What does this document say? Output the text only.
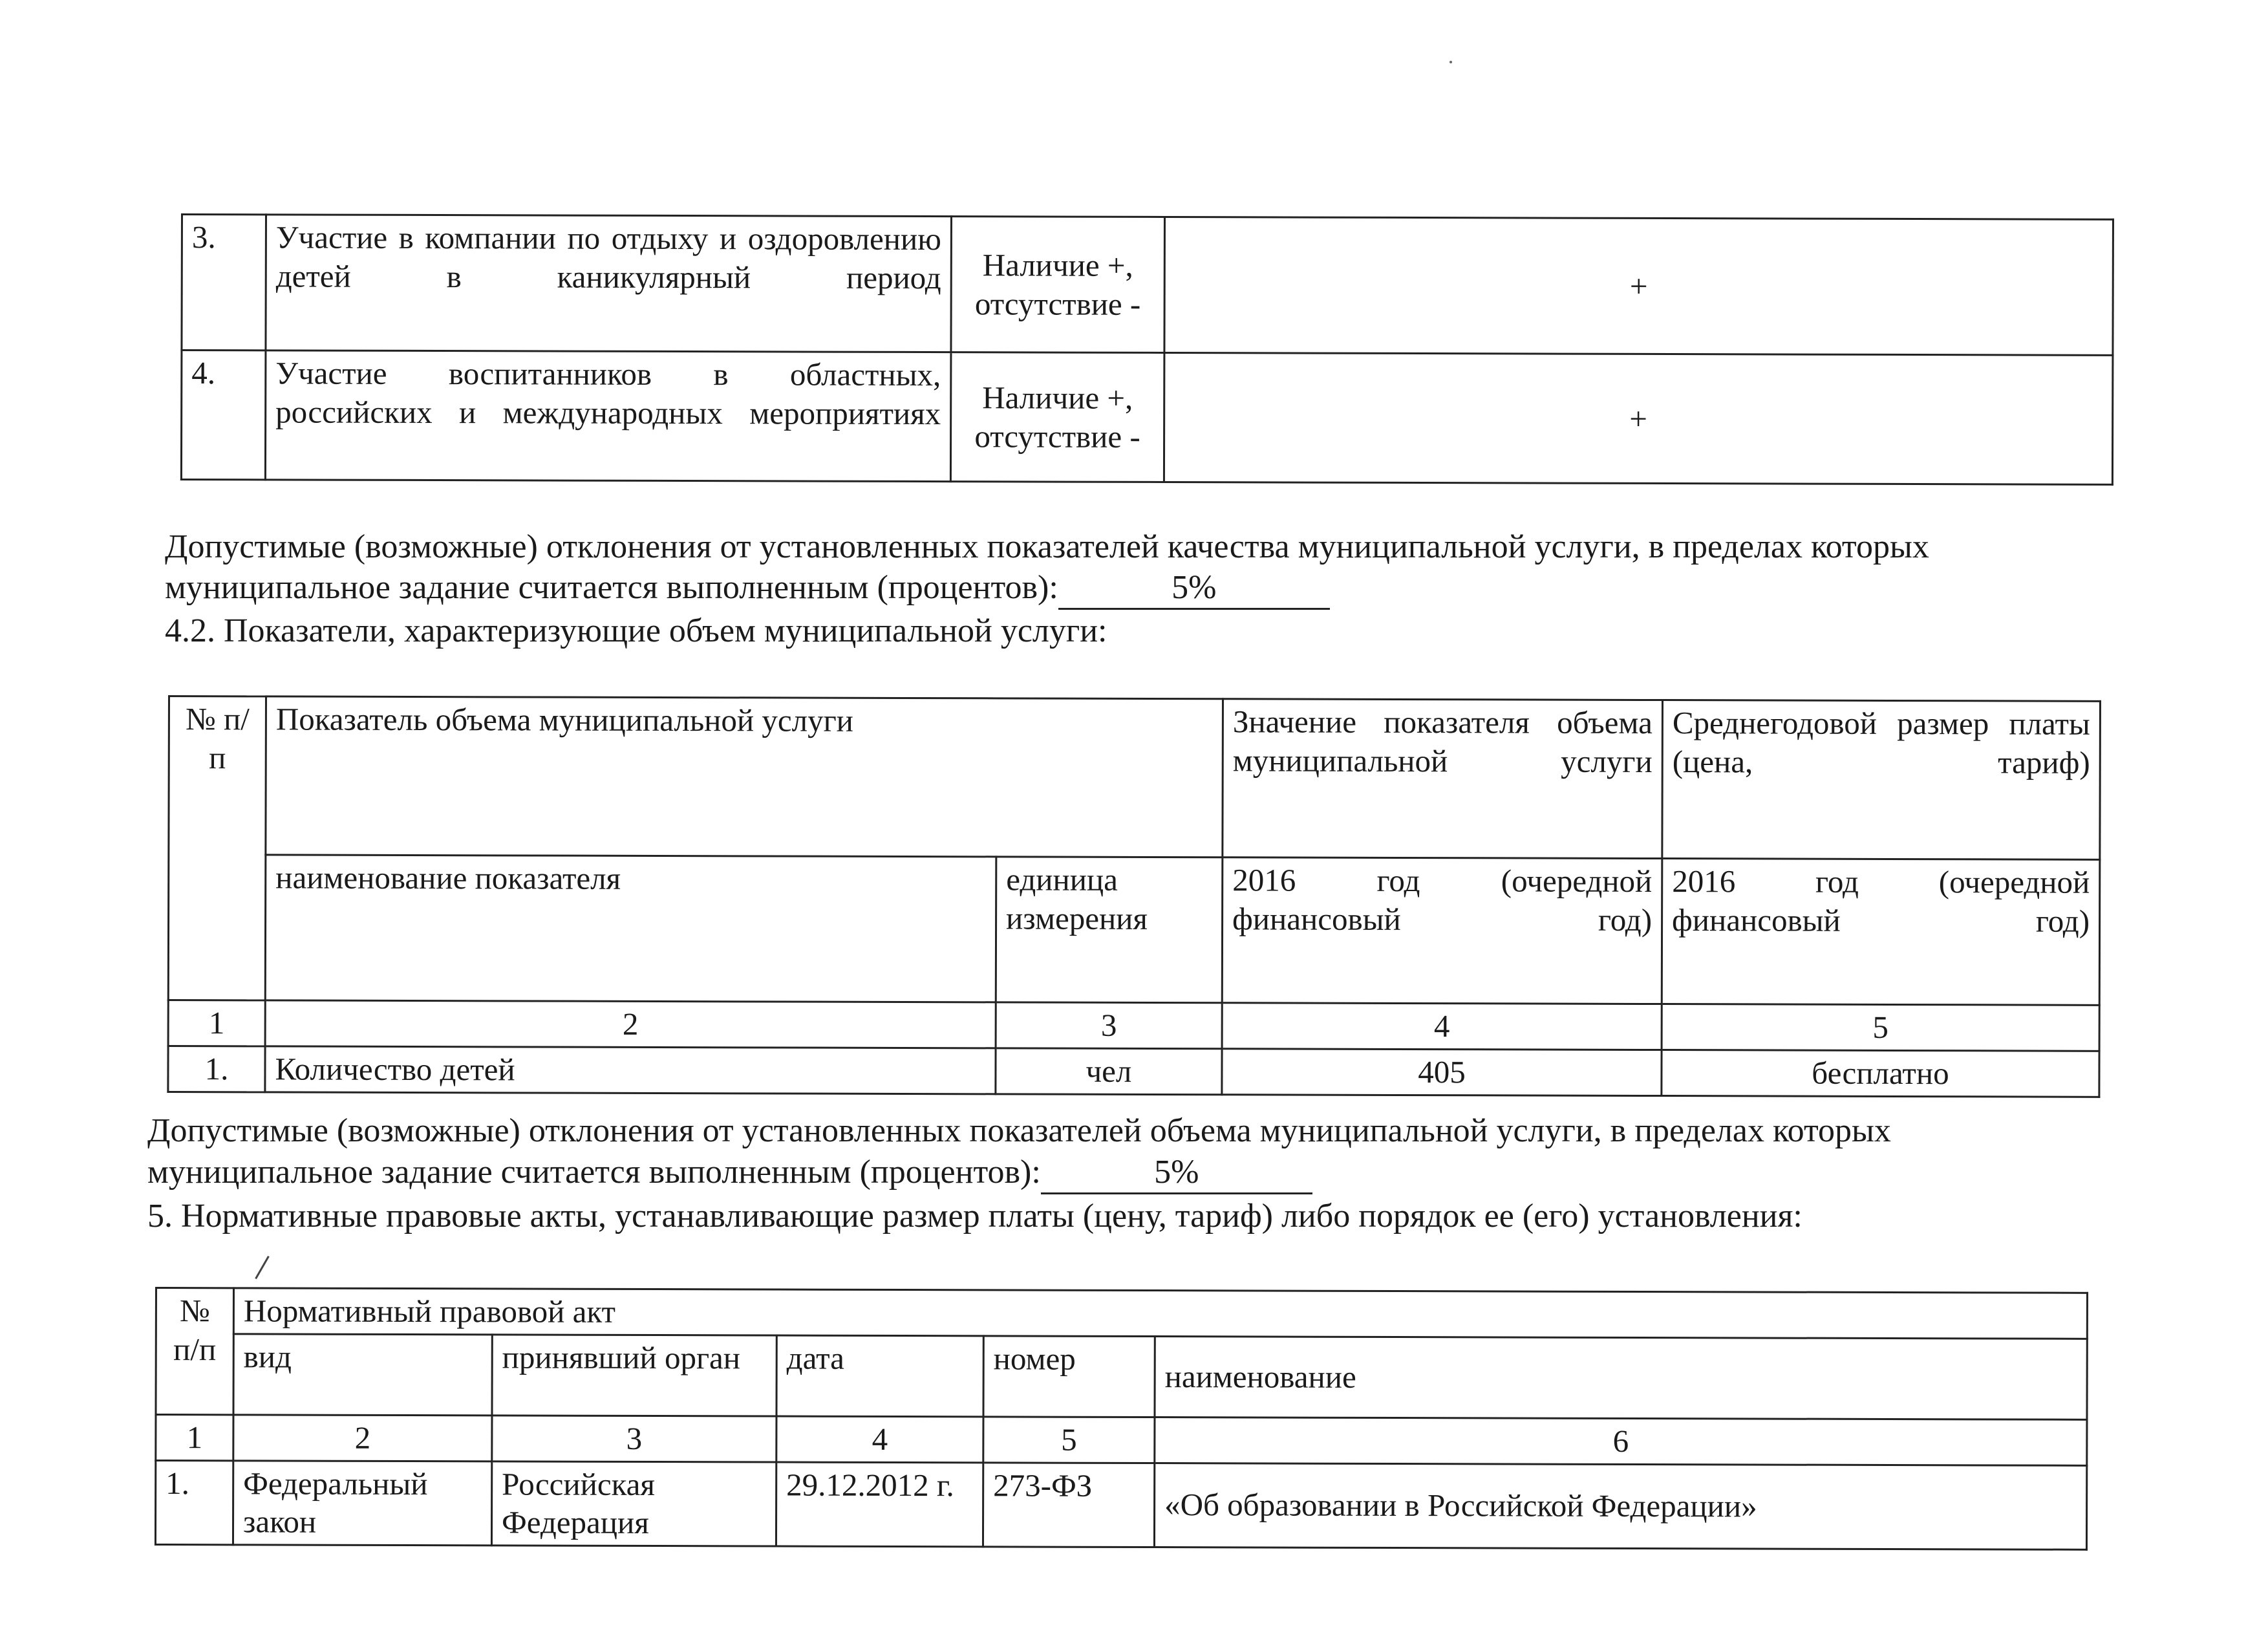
3.	Участие в компании по отдыху и оздоровлению детей в каникулярный период	Наличие +, отсутствие -	+
4.	Участие воспитанников в областных, российских и международных мероприятиях	Наличие +, отсутствие -	+
Допустимые (возможные) отклонения от установленных показателей качества муниципальной услуги, в пределах которых
муниципальное задание считается выполненным (процентов):	5%
4.2. Показатели, характеризующие объем муниципальной услуги:
№ п/п	Показатель объема муниципальной услуги		Значение показателя объема муниципальной услуги	Среднегодовой размер платы (цена, тариф)
	наименование показателя	единица измерения	2016 год (очередной финансовый год)	2016 год (очередной финансовый год)
1	2	3	4	5
1.	Количество детей	чел	405	бесплатно
Допустимые (возможные) отклонения от установленных показателей объема муниципальной услуги, в пределах которых
муниципальное задание считается выполненным (процентов):	5%
5. Нормативные правовые акты, устанавливающие размер платы (цену, тариф) либо порядок ее (его) установления:
№ п/п	Нормативный правовой акт				
	вид	принявший орган	дата	номер	наименование
1	2	3	4	5	6
1.	Федеральный закон	Российская Федерация	29.12.2012 г.	273-ФЗ	«Об образовании в Российской Федерации»
